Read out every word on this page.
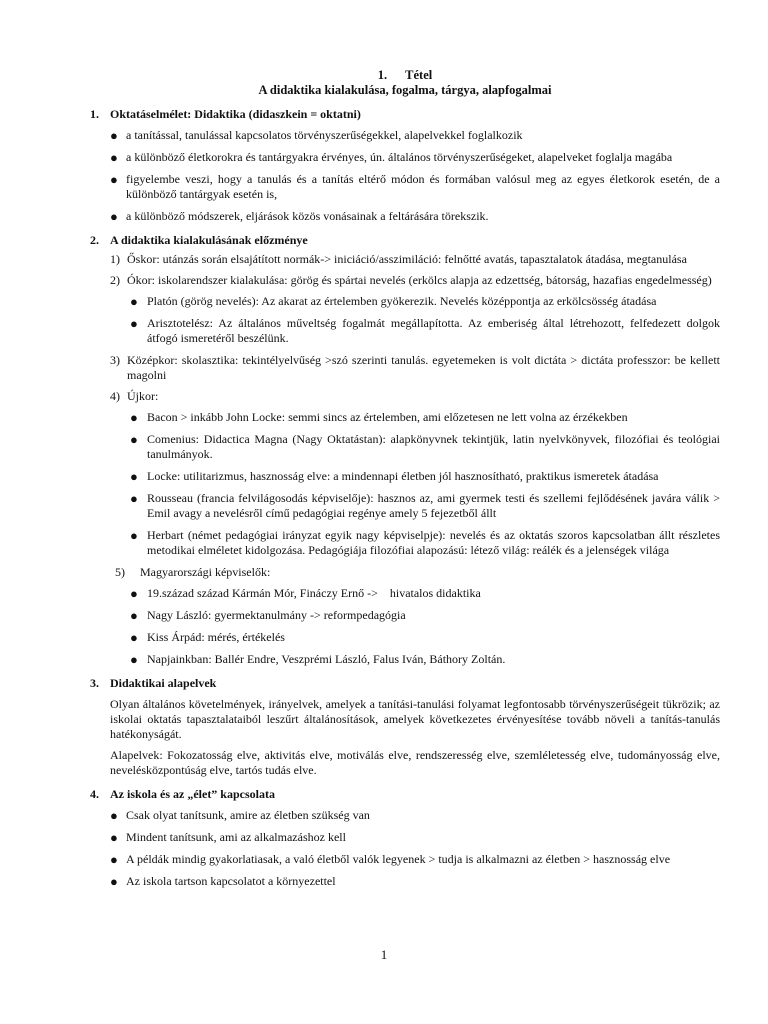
1. Tétel
A didaktika kialakulása, fogalma, tárgya, alapfogalmai
1. Oktatáselmélet: Didaktika (didaszkein = oktatni)
● a tanítással, tanulással kapcsolatos törvényszerűségekkel, alapelvekkel foglalkozik
● a különböző életkorokra és tantárgyakra érvényes, ún. általános törvényszerűségeket, alapelveket foglalja magába
● figyelembe veszi, hogy a tanulás és a tanítás eltérő módon és formában valósul meg az egyes életkorok esetén, de a különböző tantárgyak esetén is,
● a különböző módszerek, eljárások közös vonásainak a feltárására törekszik.
2. A didaktika kialakulásának előzménye
1) Őskor: utánzás során elsajátított normák-> iniciáció/asszimiláció: felnőtté avatás, tapasztalatok átadása, megtanulása
2) Ókor: iskolarendszer kialakulása: görög és spártai nevelés (erkölcs alapja az edzettség, bátorság, hazafias engedelmesség)
● Platón (görög nevelés): Az akarat az értelemben gyökerezik. Nevelés középpontja az erkölcsösség átadása
● Arisztotelész: Az általános műveltség fogalmát megállapította. Az emberiség által létrehozott, felfedezett dolgok átfogó ismeretéről beszélünk.
3) Középkor: skolasztika: tekintélyelvűség >szó szerinti tanulás. egyetemeken is volt dictáta > dictáta professzor: be kellett magolni
4) Újkor:
● Bacon > inkább John Locke: semmi sincs az értelemben, ami előzetesen ne lett volna az érzékekben
● Comenius: Didactica Magna (Nagy Oktatástan): alapkönyvnek tekintjük, latin nyelvkönyvek, filozófiai és teológiai tanulmányok.
● Locke: utilitarizmus, hasznosság elve: a mindennapi életben jól hasznosítható, praktikus ismeretek átadása
● Rousseau (francia felvilágosodás képviselője): hasznos az, ami gyermek testi és szellemi fejlődésének javára válik > Emil avagy a nevelésről című pedagógiai regénye amely 5 fejezetből állt
● Herbart (német pedagógiai irányzat egyik nagy képviselpje): nevelés és az oktatás szoros kapcsolatban állt részletes metodikai elméletet kidolgozása. Pedagógiája filozófiai alapozású: létező világ: reálék és a jelenségek világa
5) Magyarországi képviselők:
● 19.század század Kármán Mór, Fináczy Ernő ->    hivatalos didaktika
● Nagy László: gyermektanulmány -> reformpedagógia
● Kiss Árpád: mérés, értékelés
● Napjainkban: Ballér Endre, Veszprémi László, Falus Iván, Báthory Zoltán.
3. Didaktikai alapelvek
Olyan általános követelmények, irányelvek, amelyek a tanítási-tanulási folyamat legfontosabb törvényszerűségeit tükrözik; az iskolai oktatás tapasztalataiból leszűrt általánosítások, amelyek következetes érvényesítése tovább növeli a tanítás-tanulás hatékonyságát.
Alapelvek: Fokozatosság elve, aktivitás elve, motiválás elve, rendszeresség elve, szemléletesség elve, tudományosság elve, nevelésközpontúság elve, tartós tudás elve.
4. Az iskola és az „élet” kapcsolata
● Csak olyat tanítsunk, amire az életben szükség van
● Mindent tanítsunk, ami az alkalmazáshoz kell
● A példák mindig gyakorlatiasak, a való életből valók legyenek > tudja is alkalmazni az életben > hasznosság elve
● Az iskola tartson kapcsolatot a környezettel
1
